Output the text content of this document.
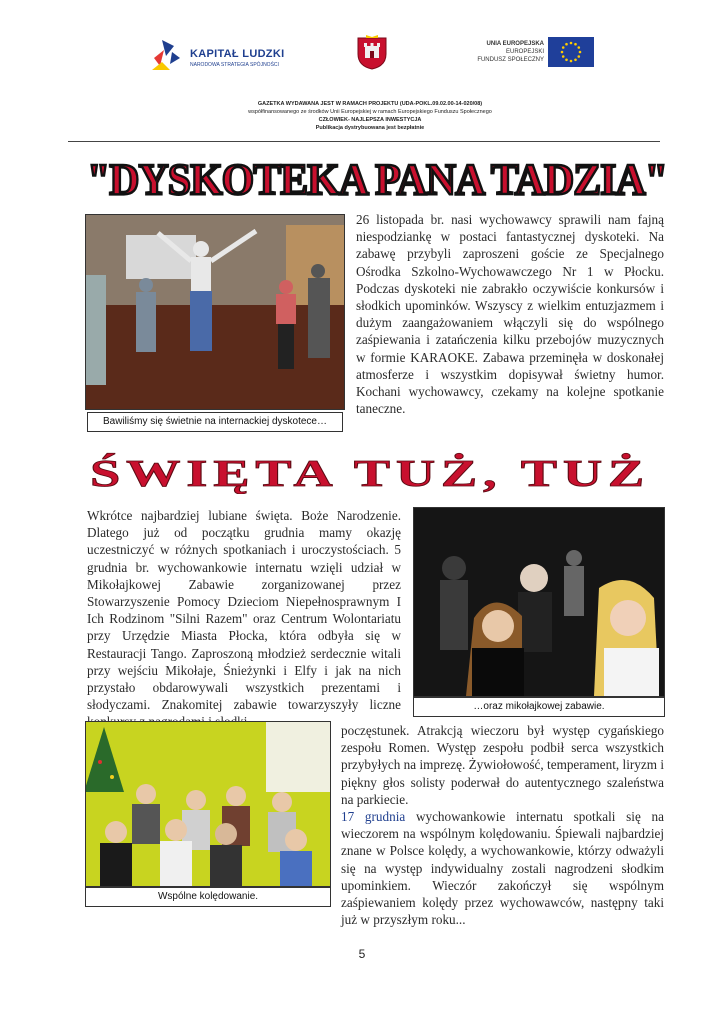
KAPITAŁ LUDZKI
NARODOWA STRATEGIA SPÓJNOŚCI
UNIA EUROPEJSKA
EUROPEJSKI
FUNDUSZ SPOŁECZNY
GAZETKA WYDAWANA JEST W RAMACH PROJEKTU (UDA-POKL.09.02.00-14-020/08)
współfinansowanego ze środków Unii Europejskiej w ramach Europejskiego Funduszu Społecznego
CZŁOWIEK- NAJLEPSZA INWESTYCJA
Publikacja dystrybuowana jest bezpłatnie
"DYSKOTEKA PANA TADZIA"
Bawiliśmy się świetnie na internackiej dyskotece…
26 listopada br. nasi wychowawcy sprawili nam fajną niespodziankę w postaci fantastycznej dyskoteki. Na zabawę przybyli zaproszeni goście ze Specjalnego Ośrodka Szkolno-Wychowawczego Nr 1 w Płocku. Podczas dyskoteki nie zabrakło oczywiście konkursów i słodkich upominków. Wszyscy z wielkim entuzjazmem i dużym zaangażowaniem włączyli się do wspólnego zaśpiewania i zatańczenia kilku przebojów muzycznych w formie KARAOKE. Zabawa przeminęła w doskonałej atmosferze i wszystkim dopisywał świetny humor. Kochani wychowawcy, czekamy na kolejne spotkanie taneczne.
ŚWIĘTA TUŻ, TUŻ
Wkrótce najbardziej lubiane święta. Boże Narodzenie. Dlatego już od początku grudnia mamy okazję uczestniczyć w różnych spotkaniach i uroczystościach. 5 grudnia br. wychowankowie internatu wzięli udział w Mikołajkowej Zabawie zorganizowanej przez Stowarzyszenie Pomocy Dzieciom Niepełnosprawnym I Ich Rodzinom "Silni Razem" oraz Centrum Wolontariatu przy Urzędzie Miasta Płocka, która odbyła się w Restauracji Tango. Zaproszoną młodzież serdecznie witali przy wejściu Mikołaje, Śnieżynki i Elfy i jak na nich przystało obdarowywali wszystkich prezentami i słodyczami. Znakomitej zabawie towarzyszyły liczne	…oraz mikołajkowej zabawie.
Wspólne kolędowanie.
poczęstunek. Atrakcją wieczoru był występ cygańskiego zespołu Romen. Występ zespołu podbił serca wszystkich przybyłych na imprezę. Żywiołowość, temperament, liryzm i piękny głos solisty poderwał do autentycznego szaleństwa na parkiecie.
17 grudnia wychowankowie internatu spotkali się na wieczorem na wspólnym kolędowaniu. Śpiewali najbardziej znane w Polsce kolędy, a wychowankowie, którzy odważyli się na występ indywidualny zostali nagrodzeni słodkim upominkiem. Wieczór zakończył się wspólnym zaśpiewaniem kolędy przez wychowawców, następny taki już w przyszłym roku...
5
